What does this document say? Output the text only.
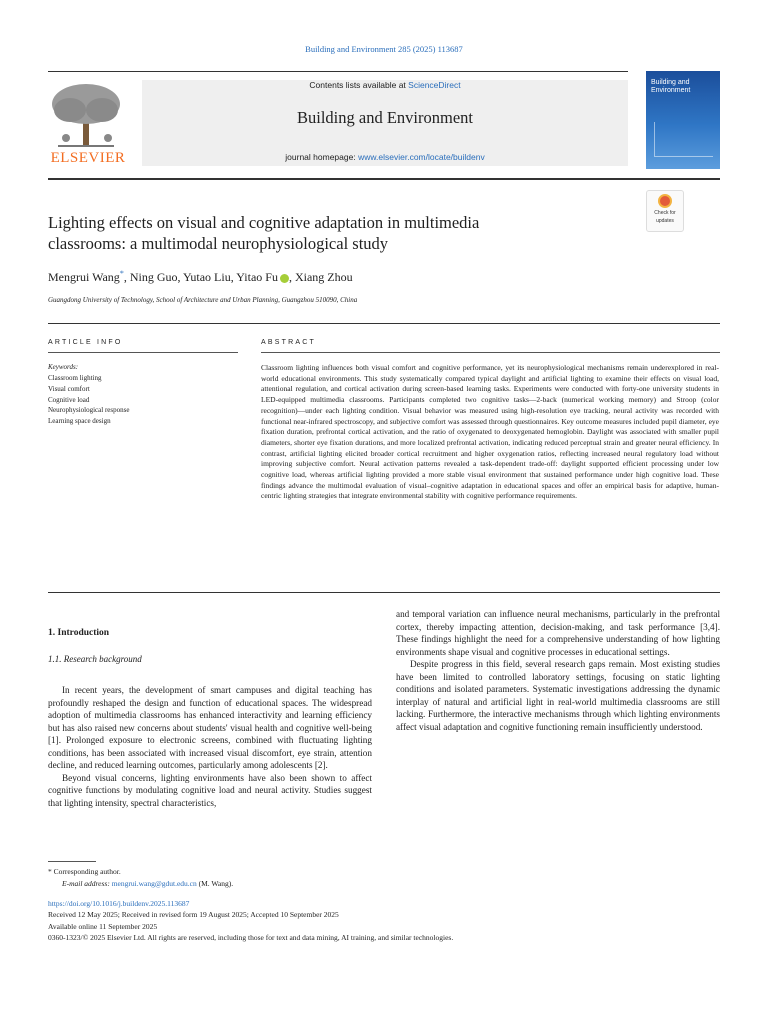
Building and Environment 285 (2025) 113687
ELSEVIER
Contents lists available at ScienceDirect
Building and Environment
journal homepage: www.elsevier.com/locate/buildenv
Building and Environment
Lighting effects on visual and cognitive adaptation in multimedia
classrooms: a multimodal neurophysiological study
Check for
updates
Mengrui Wang*, Ning Guo, Yutao Liu, Yitao Fu , Xiang Zhou
Guangdong University of Technology, School of Architecture and Urban Planning, Guangzhou 510090, China
ARTICLE INFO
Keywords:
Classroom lighting
Visual comfort
Cognitive load
Neurophysiological response
Learning space design
ABSTRACT
Classroom lighting influences both visual comfort and cognitive performance, yet its neurophysiological mechanisms remain underexplored in real-world educational environments. This study systematically compared typical daylight and artificial lighting to examine their effects on visual load, attentional regulation, and cortical activation during screen-based learning tasks. Experiments were conducted with forty-one university students in LED-equipped multimedia classrooms. Participants completed two cognitive tasks—2-back (numerical working memory) and Stroop (color recognition)—under each lighting condition. Visual behavior was measured using high-resolution eye tracking, neural activity was recorded with functional near-infrared spectroscopy, and subjective comfort was assessed through questionnaires. Key outcome measures included pupil diameter, eye fixation duration, prefrontal cortical activation, and the ratio of oxygenated to deoxygenated hemoglobin. Daylight was associated with smaller pupil diameters, shorter eye fixation durations, and more localized prefrontal activation, indicating reduced perceptual strain and greater neural efficiency. In contrast, artificial lighting elicited broader cortical recruitment and higher oxygenation ratios, reflecting increased neural regulatory load without improving subjective comfort. Neural activation patterns revealed a task-dependent trade-off: daylight supported efficient processing under low cognitive load, whereas artificial lighting provided a more stable visual environment that sustained performance under high cognitive load. These findings advance the multimodal evaluation of visual–cognitive adaptation in educational spaces and offer an empirical basis for adaptive, human-centric lighting strategies that integrate environmental stability with cognitive performance requirements.
1. Introduction
1.1. Research background

In recent years, the development of smart campuses and digital teaching has profoundly reshaped the design and function of educational spaces. The widespread adoption of multimedia classrooms has enhanced interactivity and learning efficiency but has also raised new concerns about students' visual health and cognitive well-being [1]. Prolonged exposure to electronic screens, combined with fluctuating lighting conditions, has been associated with increased visual discomfort, eye strain, attention decline, and reduced learning outcomes, particularly among adolescents [2].

Beyond visual concerns, lighting environments have also been shown to affect cognitive functions by modulating cognitive load and neural activity. Studies suggest that lighting intensity, spectral characteristics,

and temporal variation can influence neural mechanisms, particularly in the prefrontal cortex, thereby impacting attention, decision-making, and task performance [3,4]. These findings highlight the need for a comprehensive understanding of how lighting environments shape visual and cognitive processes in educational settings.

Despite progress in this field, several research gaps remain. Most existing studies have been limited to controlled laboratory settings, focusing on static lighting conditions and isolated parameters. Systematic investigations addressing the dynamic interplay of natural and artificial light in real-world multimedia classrooms are still lacking. Furthermore, the interactive mechanisms through which lighting environments affect visual adaptation and cognitive functioning remain insufficiently understood.

* Corresponding author.
E-mail address: mengrui.wang@gdut.edu.cn (M. Wang).
https://doi.org/10.1016/j.buildenv.2025.113687
Received 12 May 2025; Received in revised form 19 August 2025; Accepted 10 September 2025
Available online 11 September 2025
0360-1323/© 2025 Elsevier Ltd. All rights are reserved, including those for text and data mining, AI training, and similar technologies.
